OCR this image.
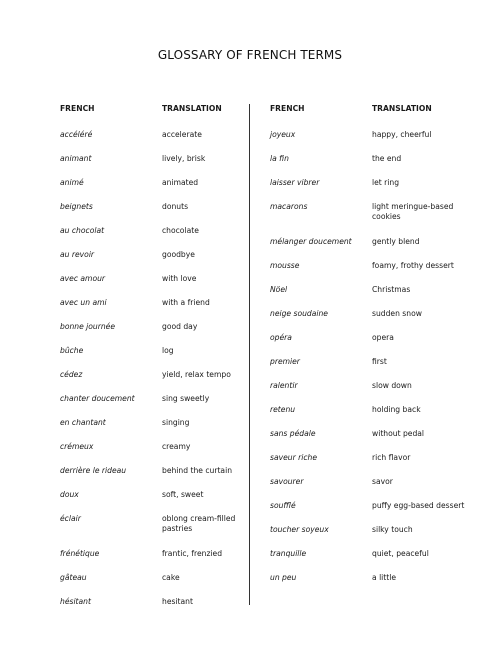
GLOSSARY OF FRENCH TERMS
FRENCH	TRANSLATION
accéléré	accelerate
animant	lively, brisk
animé	animated
beignets	donuts
au chocolat	chocolate
au revoir	goodbye
avec amour	with love
avec un ami	with a friend
bonne journée	good day
bûche	log
cédez	yield, relax tempo
chanter doucement	sing sweetly
en chantant	singing
crémeux	creamy
derrière le rideau	behind the curtain
doux	soft, sweet
éclair	oblong cream-filled pastries
frénétique	frantic, frenzied
gâteau	cake
hésitant	hesitant
FRENCH	TRANSLATION
joyeux	happy, cheerful
la fin	the end
laisser vibrer	let ring
macarons	light meringue-based cookies
mélanger doucement	gently blend
mousse	foamy, frothy dessert
Nöel	Christmas
neige soudaine	sudden snow
opéra	opera
premier	first
ralentir	slow down
retenu	holding back
sans pédale	without pedal
saveur riche	rich flavor
savourer	savor
soufflé	puffy egg-based dessert
toucher soyeux	silky touch
tranquille	quiet, peaceful
un peu	a little
